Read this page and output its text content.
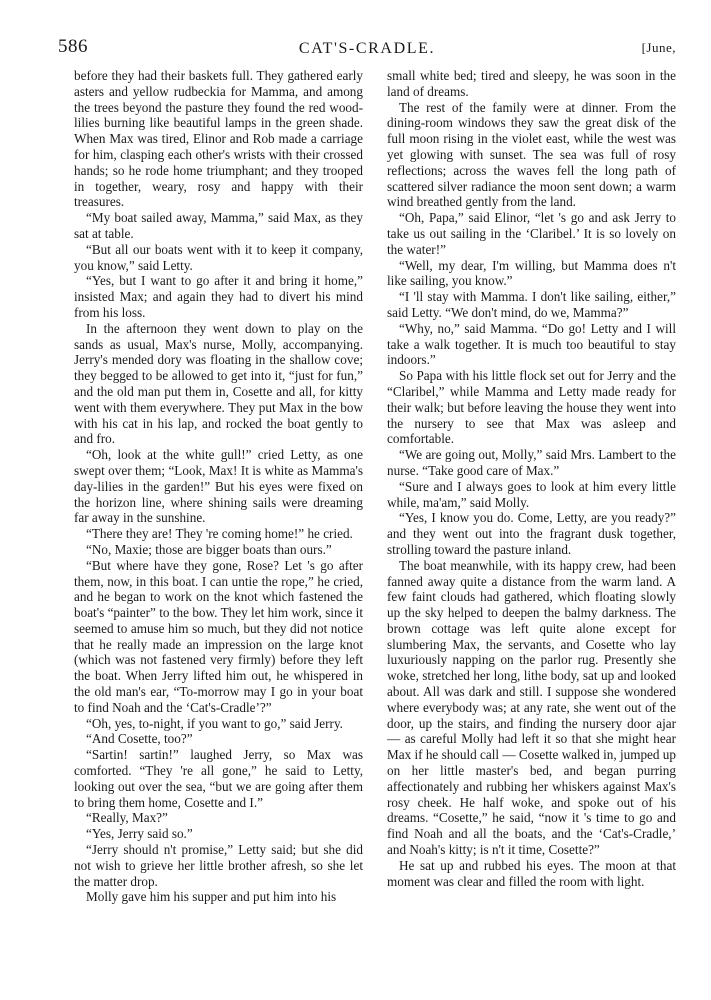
586	CAT'S-CRADLE.	[June,

before they had their baskets full. They gathered early asters and yellow rudbeckia for Mamma, and among the trees beyond the pasture they found the red wood-lilies burning like beautiful lamps in the green shade. When Max was tired, Elinor and Rob made a carriage for him, clasping each other's wrists with their crossed hands; so he rode home triumphant; and they trooped in together, weary, rosy and happy with their treasures.

“My boat sailed away, Mamma,” said Max, as they sat at table.

“But all our boats went with it to keep it company, you know,” said Letty.

“Yes, but I want to go after it and bring it home,” insisted Max; and again they had to divert his mind from his loss.

In the afternoon they went down to play on the sands as usual, Max's nurse, Molly, accompanying. Jerry's mended dory was floating in the shallow cove; they begged to be allowed to get into it, “just for fun,” and the old man put them in, Cosette and all, for kitty went with them everywhere. They put Max in the bow with his cat in his lap, and rocked the boat gently to and fro.

“Oh, look at the white gull!” cried Letty, as one swept over them; “Look, Max! It is white as Mamma's day-lilies in the garden!” But his eyes were fixed on the horizon line, where shining sails were dreaming far away in the sunshine.

“There they are! They 're coming home!” he cried.

“No, Maxie; those are bigger boats than ours.”

“But where have they gone, Rose? Let 's go after them, now, in this boat. I can untie the rope,” he cried, and he began to work on the knot which fastened the boat's “painter” to the bow. They let him work, since it seemed to amuse him so much, but they did not notice that he really made an impression on the large knot (which was not fastened very firmly) before they left the boat. When Jerry lifted him out, he whispered in the old man's ear, “To-morrow may I go in your boat to find Noah and the ‘Cat's-Cradle’?”

“Oh, yes, to-night, if you want to go,” said Jerry.

“And Cosette, too?”

“Sartin! sartin!” laughed Jerry, so Max was comforted. “They 're all gone,” he said to Letty, looking out over the sea, “but we are going after them to bring them home, Cosette and I.”

“Really, Max?”

“Yes, Jerry said so.”

“Jerry should n't promise,” Letty said; but she did not wish to grieve her little brother afresh, so she let the matter drop.

Molly gave him his supper and put him into his

small white bed; tired and sleepy, he was soon in the land of dreams.

The rest of the family were at dinner. From the dining-room windows they saw the great disk of the full moon rising in the violet east, while the west was yet glowing with sunset. The sea was full of rosy reflections; across the waves fell the long path of scattered silver radiance the moon sent down; a warm wind breathed gently from the land.

“Oh, Papa,” said Elinor, “let 's go and ask Jerry to take us out sailing in the ‘Claribel.’ It is so lovely on the water!”

“Well, my dear, I'm willing, but Mamma does n't like sailing, you know.”

“I 'll stay with Mamma. I don't like sailing, either,” said Letty. “We don't mind, do we, Mamma?”

“Why, no,” said Mamma. “Do go! Letty and I will take a walk together. It is much too beautiful to stay indoors.”

So Papa with his little flock set out for Jerry and the “Claribel,” while Mamma and Letty made ready for their walk; but before leaving the house they went into the nursery to see that Max was asleep and comfortable.

“We are going out, Molly,” said Mrs. Lambert to the nurse. “Take good care of Max.”

“Sure and I always goes to look at him every little while, ma'am,” said Molly.

“Yes, I know you do. Come, Letty, are you ready?” and they went out into the fragrant dusk together, strolling toward the pasture inland.

The boat meanwhile, with its happy crew, had been fanned away quite a distance from the warm land. A few faint clouds had gathered, which floating slowly up the sky helped to deepen the balmy darkness. The brown cottage was left quite alone except for slumbering Max, the servants, and Cosette who lay luxuriously napping on the parlor rug. Presently she woke, stretched her long, lithe body, sat up and looked about. All was dark and still. I suppose she wondered where everybody was; at any rate, she went out of the door, up the stairs, and finding the nursery door ajar — as careful Molly had left it so that she might hear Max if he should call — Cosette walked in, jumped up on her little master's bed, and began purring affectionately and rubbing her whiskers against Max's rosy cheek. He half woke, and spoke out of his dreams. “Cosette,” he said, “now it 's time to go and find Noah and all the boats, and the ‘Cat's-Cradle,’ and Noah's kitty; is n't it time, Cosette?”

He sat up and rubbed his eyes. The moon at that moment was clear and filled the room with light.
